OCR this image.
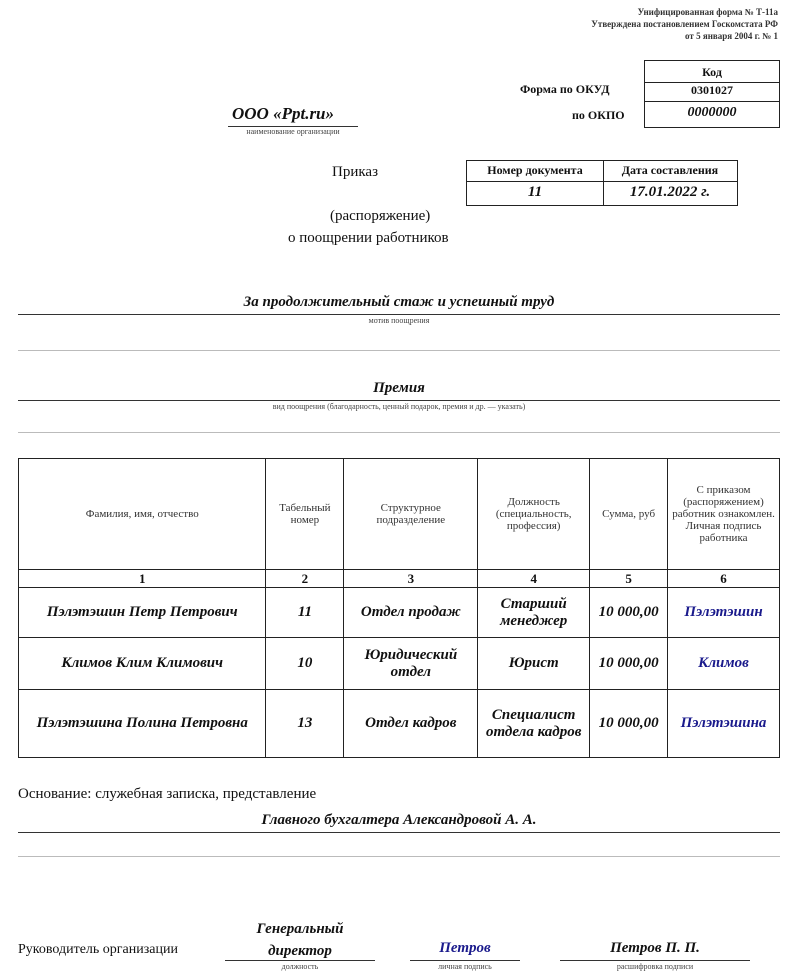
Унифицированная форма № Т-11а
Утверждена постановлением Госкомстата РФ
от 5 января 2004 г. № 1
Код
0301027
0000000
Форма по ОКУД
по ОКПО
ООО «Ppt.ru»
наименование организации
Приказ	Номер документа	Дата составления
11	17.01.2022 г.
(распоряжение)
о поощрении работников
За продолжительный стаж и успешный труд
мотив поощрения
Премия
вид поощрения (благодарность, ценный подарок, премия и др. — указать)
Фамилия, имя, отчество	Табельный номер	Структурное подразделение	Должность (специальность, профессия)	Сумма, руб	С приказом (распоряжением) работник ознакомлен. Личная подпись работника
1	2	3	4	5	6
Пэлэтэшин Петр Петрович	11	Отдел продаж	Старший менеджер	10 000,00	Пэлэтэшин
Климов Клим Климович	10	Юридический отдел	Юрист	10 000,00	Климов
Пэлэтэшина Полина Петровна	13	Отдел кадров	Специалист отдела кадров	10 000,00	Пэлэтэшина
Основание: служебная записка, представление
Главного бухгалтера Александровой А. А.
Руководитель организации
Генеральный директор
должность
Петров
личная подпись
Петров П. П.
расшифровка подписи
